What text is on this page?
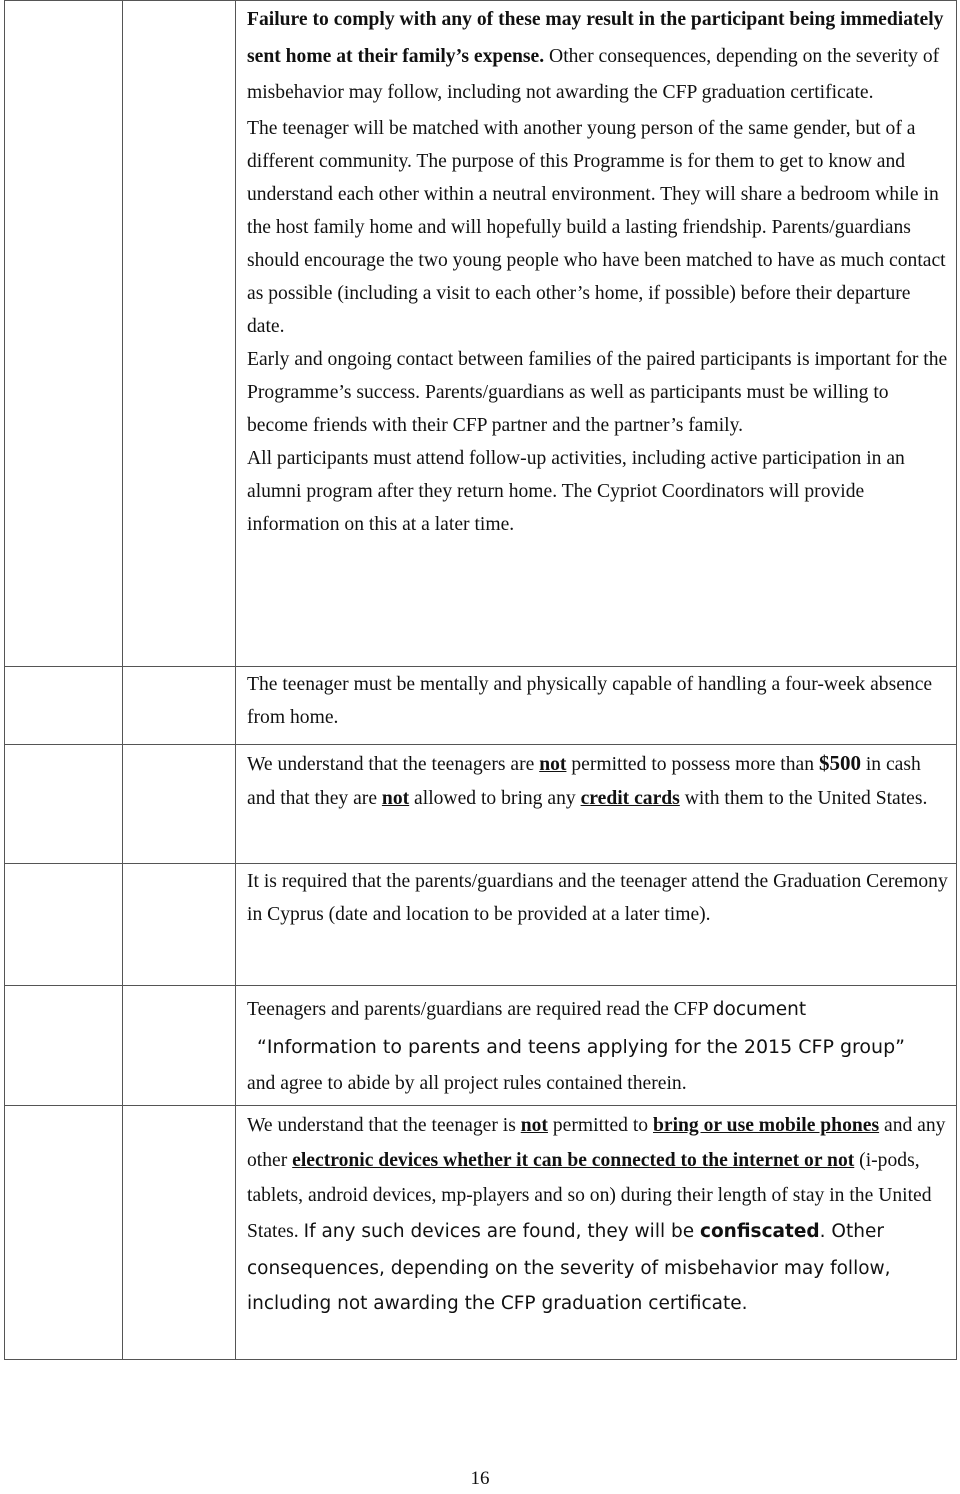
		Failure to comply with any of these may result in the participant being immediately sent home at their family’s expense. Other consequences, depending on the severity of misbehavior may follow, including not awarding the CFP graduation certificate.

The teenager will be matched with another young person of the same gender, but of a different community. The purpose of this Programme is for them to get to know and understand each other within a neutral environment. They will share a bedroom while in the host family home and will hopefully build a lasting friendship. Parents/guardians should encourage the two young people who have been matched to have as much contact as possible (including a visit to each other’s home, if possible) before their departure date.

Early and ongoing contact between families of the paired participants is important for the Programme’s success. Parents/guardians as well as participants must be willing to become friends with their CFP partner and the partner’s family.

All participants must attend follow-up activities, including active participation in an alumni program after they return home. The Cypriot Coordinators will provide information on this at a later time.

		The teenager must be mentally and physically capable of handling a four-week absence from home.

		We understand that the teenagers are not permitted to possess more than $500 in cash and that they are not allowed to bring any credit cards with them to the United States.

		It is required that the parents/guardians and the teenager attend the Graduation Ceremony in Cyprus (date and location to be provided at a later time).

		Teenagers and parents/guardians are required read the CFP document

“Information to parents and teens applying for the 2015 CFP group”

and agree to abide by all project rules contained therein.

		We understand that the teenager is not permitted to bring or use mobile phones and any other electronic devices whether it can be connected to the internet or not (i-pods, tablets, android devices, mp-players and so on) during their length of stay in the United States. If any such devices are found, they will be confiscated. Other consequences, depending on the severity of misbehavior may follow, including not awarding the CFP graduation certificate.

16
